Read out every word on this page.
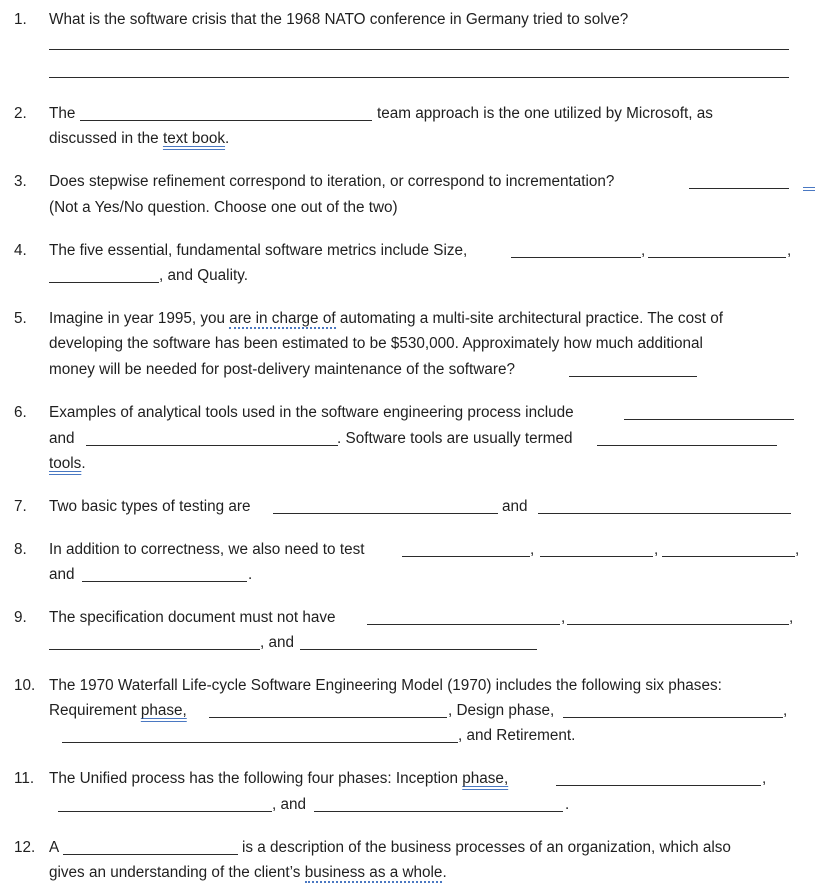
1. What is the software crisis that the 1968 NATO conference in Germany tried to solve?
2. The	team approach is the one utilized by Microsoft, as
discussed in the text book.
3. Does stepwise refinement correspond to iteration, or correspond to incrementation?
(Not a Yes/No question. Choose one out of the two)
4. The five essential, fundamental software metrics include Size,	,	,
, and Quality.
5. Imagine in year 1995, you are in charge of automating a multi-site architectural practice. The cost of
developing the software has been estimated to be $530,000. Approximately how much additional
money will be needed for post-delivery maintenance of the software?
6. Examples of analytical tools used in the software engineering process include
and	. Software tools are usually termed
tools.
7. Two basic types of testing are	and
8. In addition to correctness, we also need to test	,	,	,
and	.
9. The specification document must not have	,	,
, and
10. The 1970 Waterfall Life-cycle Software Engineering Model (1970) includes the following six phases:
Requirement phase,	, Design phase,	,
, and Retirement.
11. The Unified process has the following four phases: Inception phase,	,
, and	.
12. A	is a description of the business processes of an organization, which also
gives an understanding of the client’s business as a whole.
